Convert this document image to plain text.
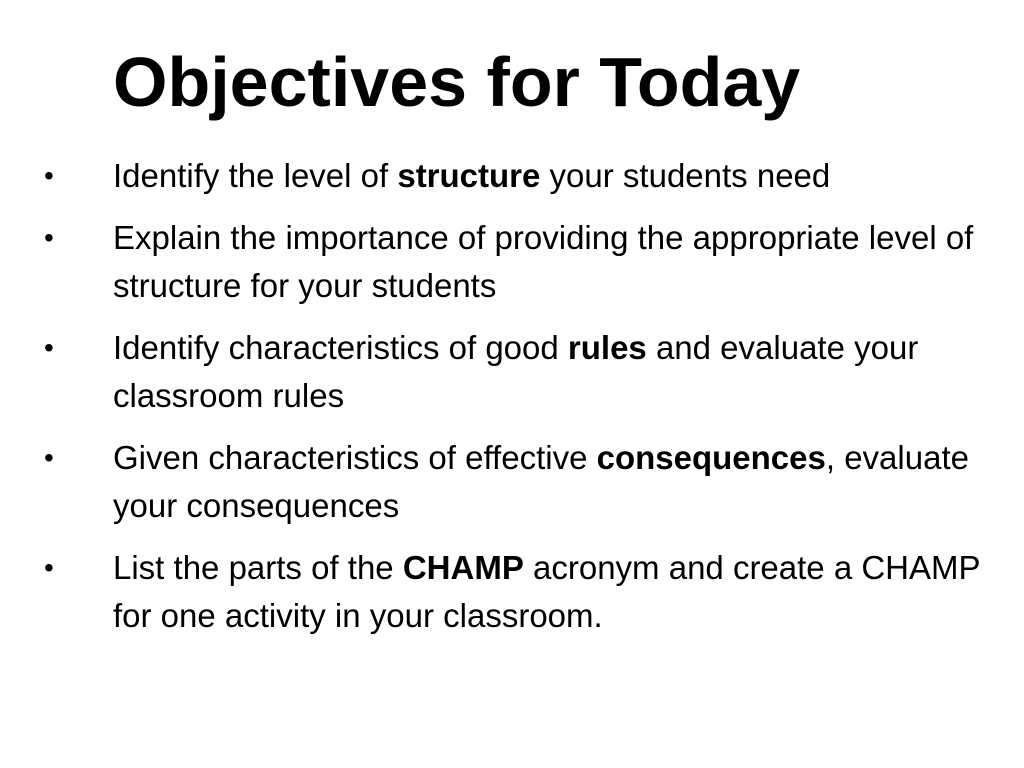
Objectives for Today
• Identify the level of structure your students need
• Explain the importance of providing the appropriate level of structure for your students
• Identify characteristics of good rules and evaluate your classroom rules
• Given characteristics of effective consequences, evaluate your consequences
• List the parts of the CHAMP acronym and create a CHAMP for one activity in your classroom.
